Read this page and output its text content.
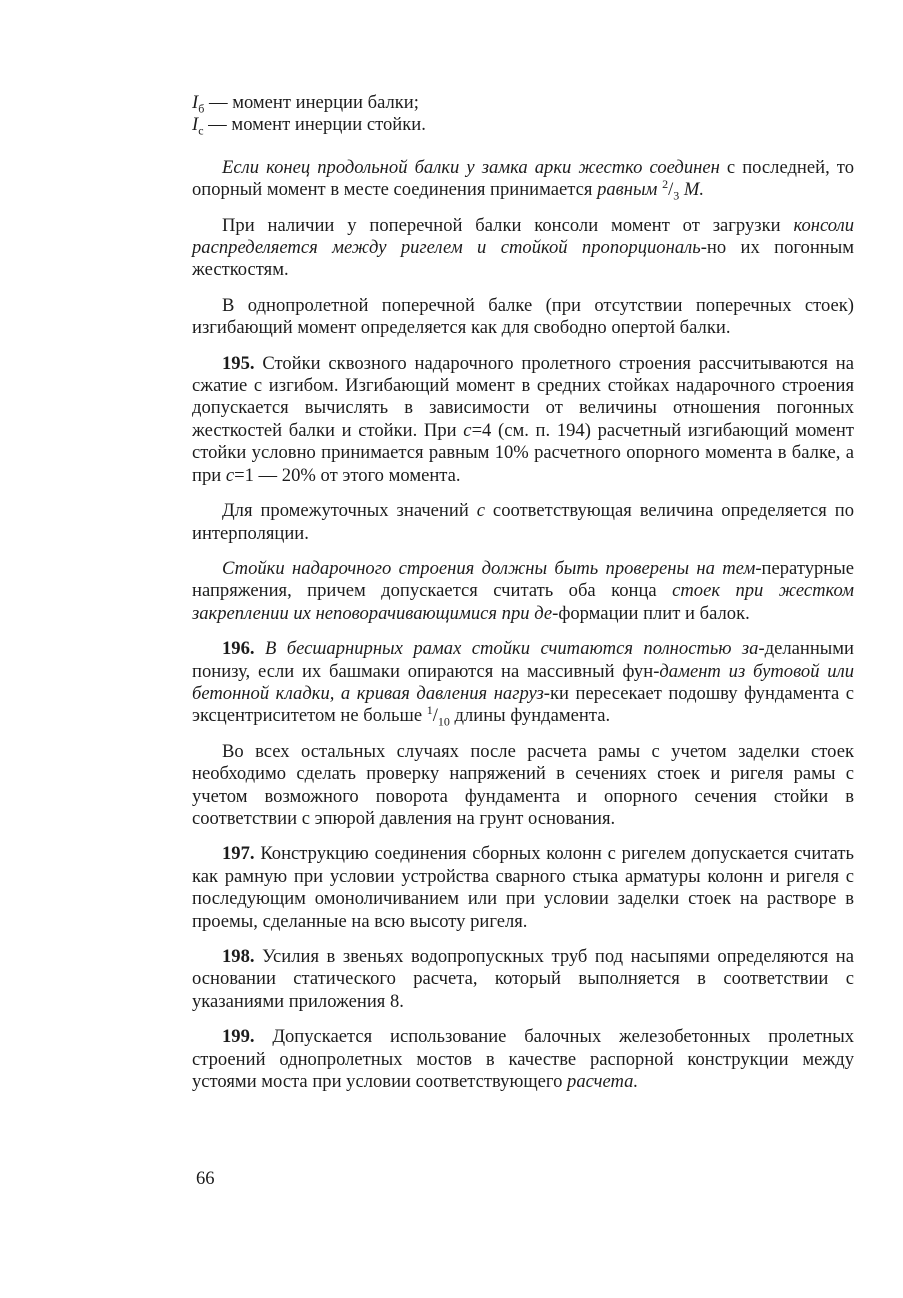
$I_б$ — момент инерции балки;
$I_с$ — момент инерции стойки.

Если конец продольной балки у замка арки жестко соединен с последней, то опорный момент в месте соединения принимается равным $^2/_3$ M.

При наличии у поперечной балки консоли момент от загрузки консоли распределяется между ригелем и стойкой пропорциональ-но их погонным жесткостям.

В однопролетной поперечной балке (при отсутствии поперечных стоек) изгибающий момент определяется как для свободно опертой балки.

195. Стойки сквозного надарочного пролетного строения рассчитываются на сжатие с изгибом. Изгибающий момент в средних стойках надарочного строения допускается вычислять в зависимости от величины отношения погонных жесткостей балки и стойки. При c=4 (см. п. 194) расчетный изгибающий момент стойки условно принимается равным 10% расчетного опорного момента в балке, а при c=1 — 20% от этого момента.

Для промежуточных значений c соответствующая величина определяется по интерполяции.

Стойки надарочного строения должны быть проверены на тем-пературные напряжения, причем допускается считать оба конца стоек при жестком закреплении их неповорачивающимися при де-формации плит и балок.

196. В бесшарнирных рамах стойки считаются полностью за-деланными понизу, если их башмаки опираются на массивный фун-дамент из бутовой или бетонной кладки, а кривая давления нагруз-ки пересекает подошву фундамента с эксцентриситетом не больше $^1/_{10}$ длины фундамента.

Во всех остальных случаях после расчета рамы с учетом заделки стоек необходимо сделать проверку напряжений в сечениях стоек и ригеля рамы с учетом возможного поворота фундамента и опорного сечения стойки в соответствии с эпюрой давления на грунт основания.

197. Конструкцию соединения сборных колонн с ригелем допускается считать как рамную при условии устройства сварного стыка арматуры колонн и ригеля с последующим омоноличиванием или при условии заделки стоек на растворе в проемы, сделанные на всю высоту ригеля.

198. Усилия в звеньях водопропускных труб под насыпями определяются на основании статического расчета, который выполняется в соответствии с указаниями приложения 8.

199. Допускается использование балочных железобетонных пролетных строений однопролетных мостов в качестве распорной конструкции между устоями моста при условии соответствующего расчета.

66
